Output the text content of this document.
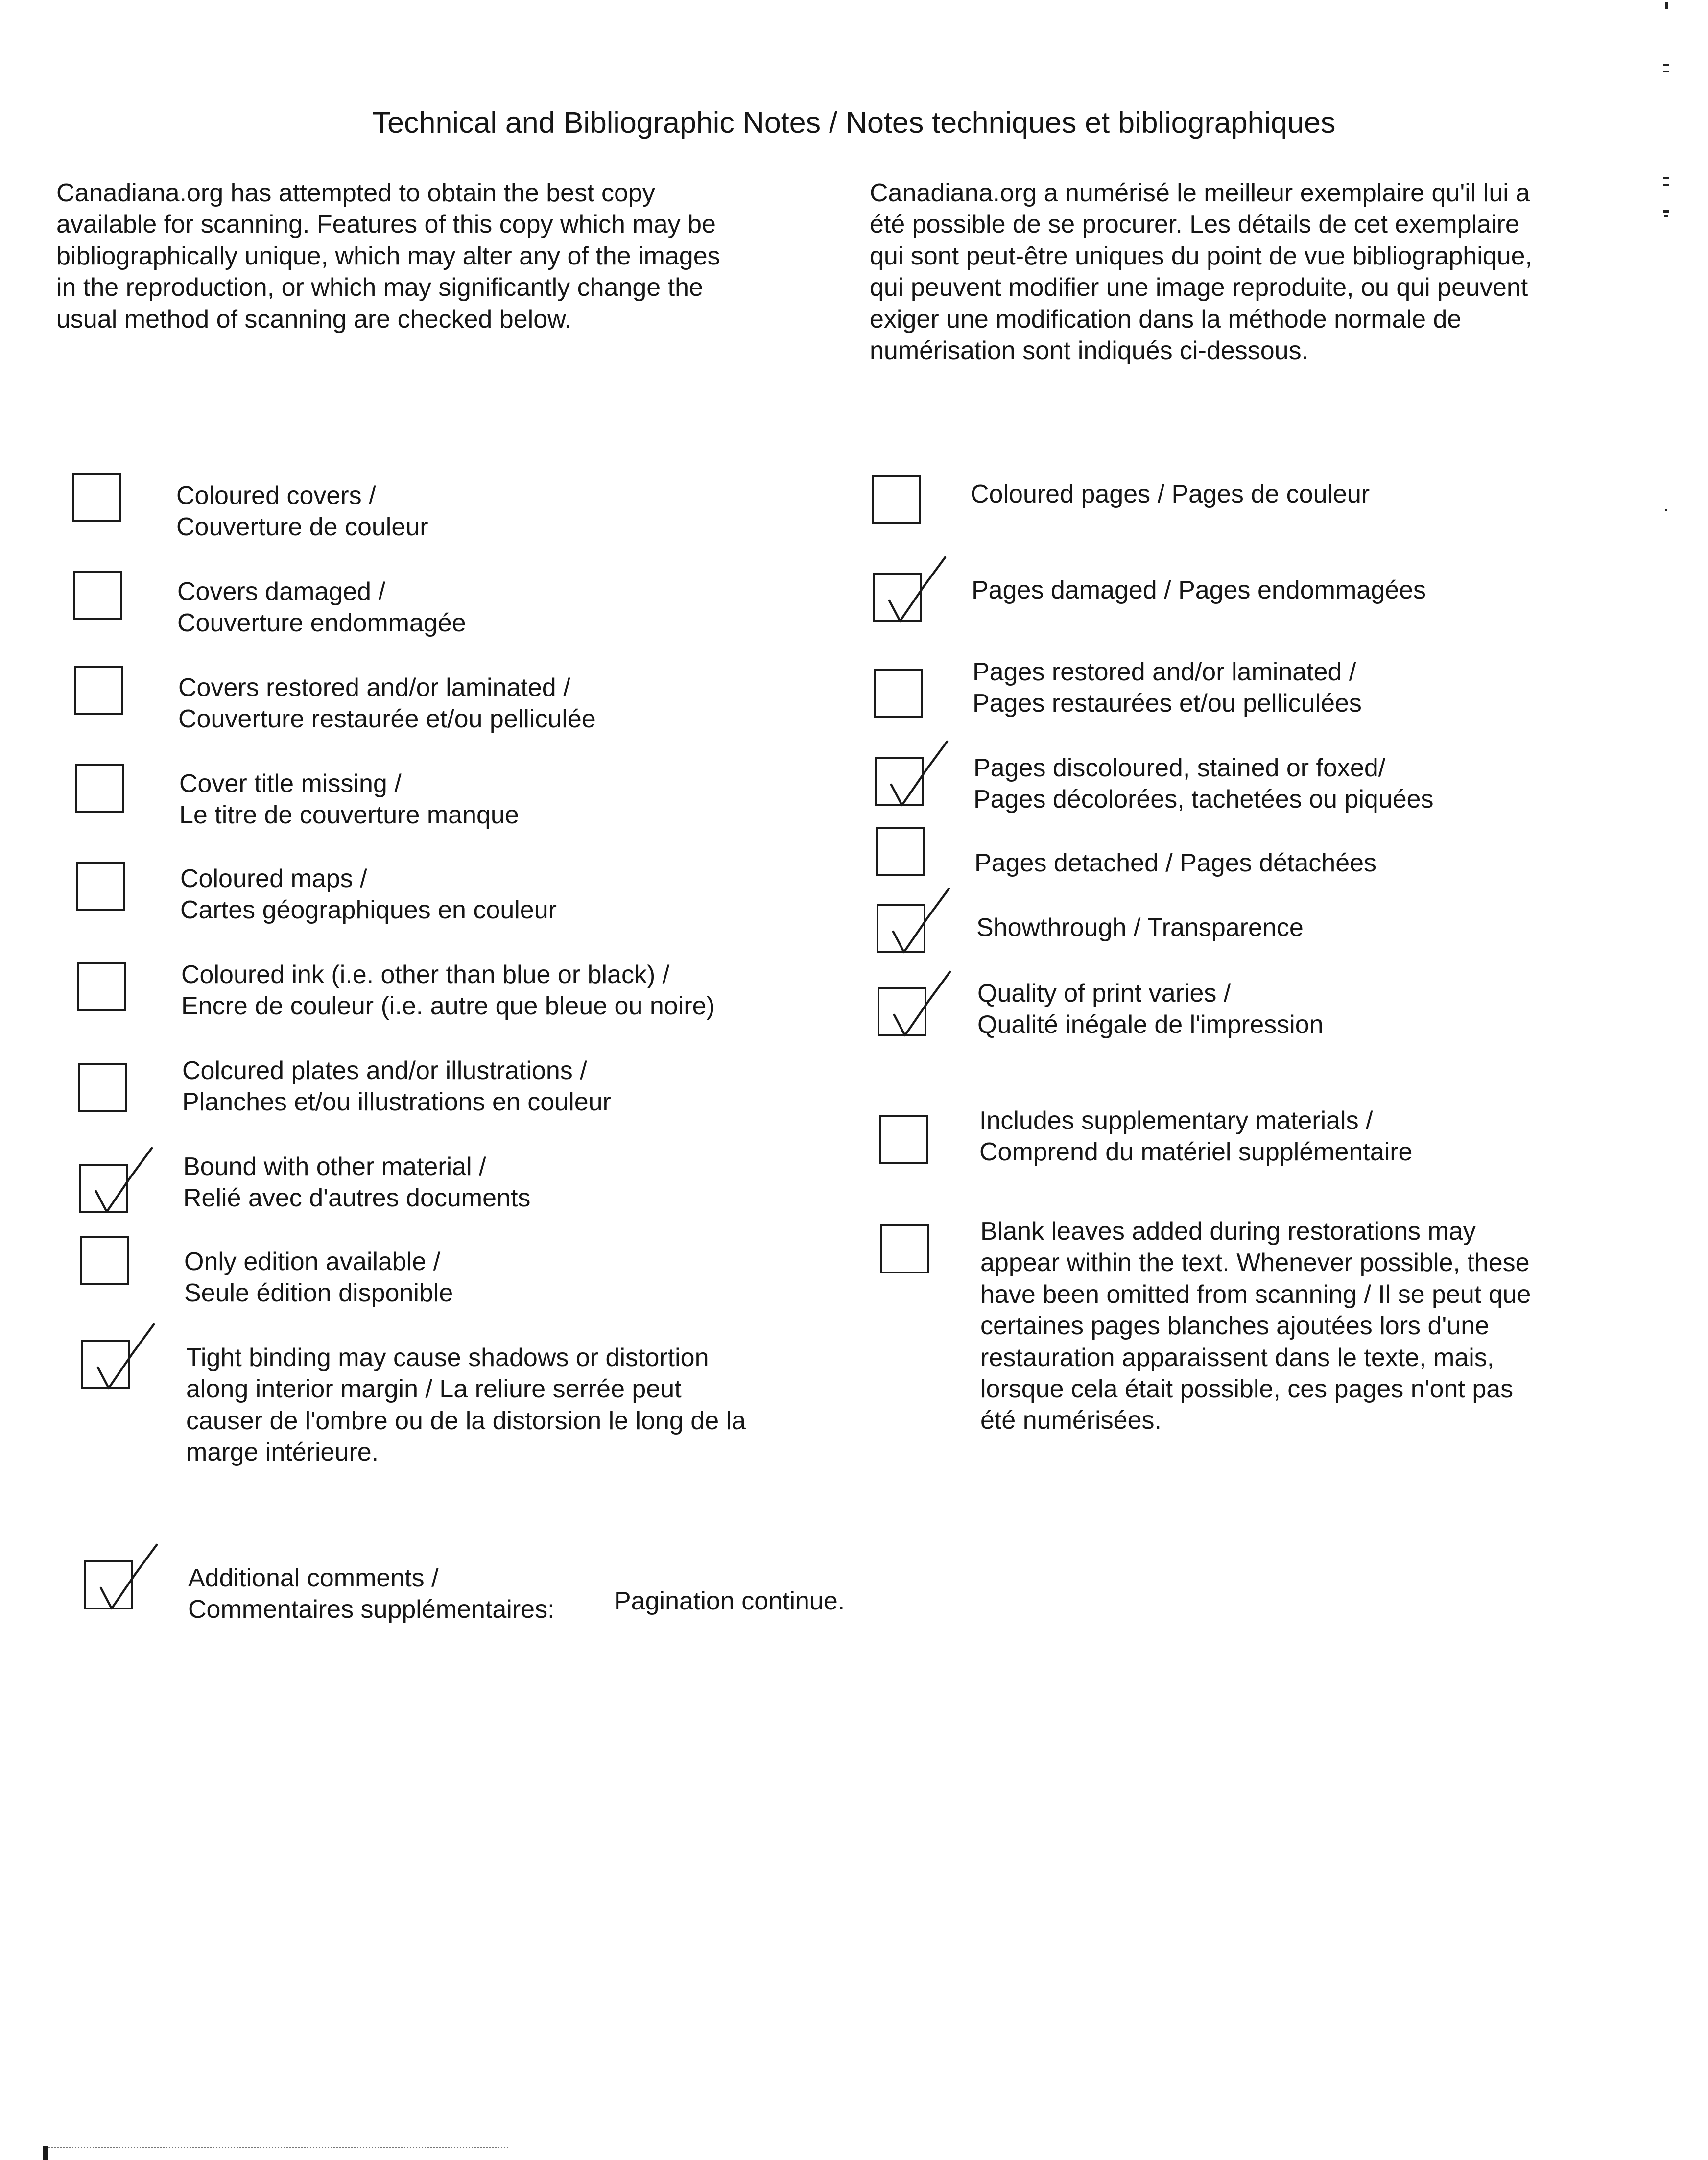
Technical and Bibliographic Notes / Notes techniques et bibliographiques
Canadiana.org has attempted to obtain the best copy
available for scanning. Features of this copy which may be
bibliographically unique, which may alter any of the images
in the reproduction, or which may significantly change the
usual method of scanning are checked below.
Canadiana.org a numérisé le meilleur exemplaire qu'il lui a
été possible de se procurer. Les détails de cet exemplaire
qui sont peut-être uniques du point de vue bibliographique,
qui peuvent modifier une image reproduite, ou qui peuvent
exiger une modification dans la méthode normale de
numérisation sont indiqués ci-dessous.
Coloured covers /
Couverture de couleur
Covers damaged /
Couverture endommagée
Covers restored and/or laminated /
Couverture restaurée et/ou pelliculée
Cover title missing /
Le titre de couverture manque
Coloured maps /
Cartes géographiques en couleur
Coloured ink (i.e. other than blue or black) /
Encre de couleur (i.e. autre que bleue ou noire)
Colcured plates and/or illustrations /
Planches et/ou illustrations en couleur
Bound with other material /
Relié avec d'autres documents
Only edition available /
Seule édition disponible
Tight binding may cause shadows or distortion
along interior margin / La reliure serrée peut
causer de l'ombre ou de la distorsion le long de la
marge intérieure.
Coloured pages / Pages de couleur
Pages damaged / Pages endommagées
Pages restored and/or laminated /
Pages restaurées et/ou pelliculées
Pages discoloured, stained or foxed/
Pages décolorées, tachetées ou piquées
Pages detached / Pages détachées
Showthrough / Transparence
Quality of print varies /
Qualité inégale de l'impression
Includes supplementary materials /
Comprend du matériel supplémentaire
Blank leaves added during restorations may
appear within the text. Whenever possible, these
have been omitted from scanning / Il se peut que
certaines pages blanches ajoutées lors d'une
restauration apparaissent dans le texte, mais,
lorsque cela était possible, ces pages n'ont pas
été numérisées.
Additional comments /
Commentaires supplémentaires: Pagination continue.
